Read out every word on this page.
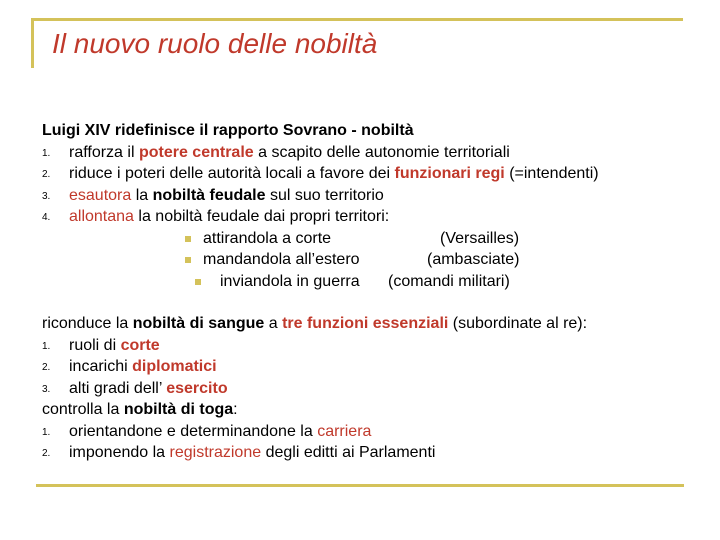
Il nuovo ruolo delle nobiltà
Luigi XIV ridefinisce il rapporto Sovrano - nobiltà
1. rafforza il potere centrale a scapito delle autonomie territoriali
2. riduce i poteri delle autorità locali a favore dei funzionari regi (=intendenti)
3. esautora la nobiltà feudale sul suo territorio
4. allontana la nobiltà feudale dai propri territori:
attirandola a corte	(Versailles)
mandandola all’estero	(ambasciate)
inviandola in guerra (comandi militari)
riconduce la nobiltà di sangue a tre funzioni essenziali (subordinate al re):
1. ruoli di corte
2. incarichi diplomatici
3. alti gradi dell’ esercito
controlla la nobiltà di toga:
1. orientandone e determinandone la carriera
2. imponendo la registrazione degli editti ai Parlamenti
